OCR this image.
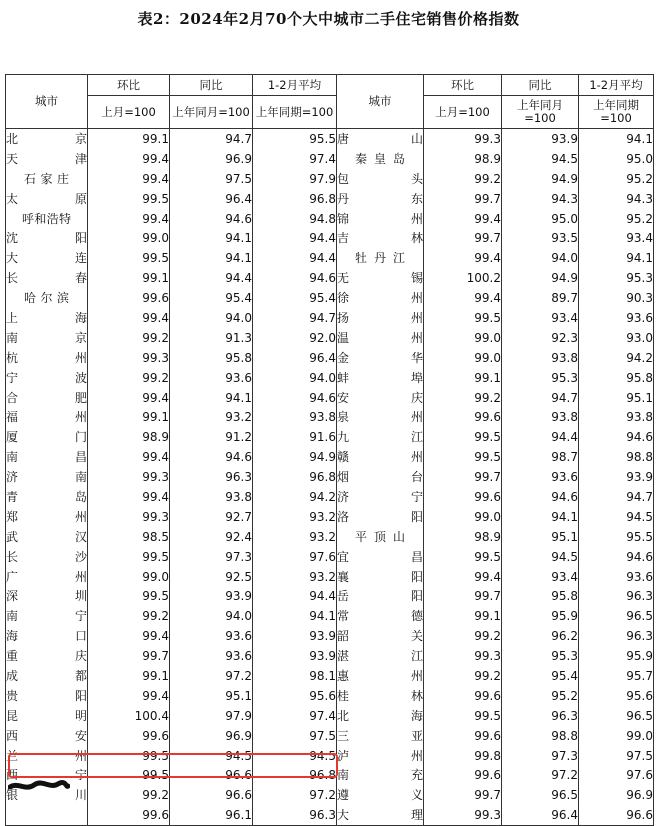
表2：2024年2月70个大中城市二手住宅销售价格指数
城市	环比	同比	1-2月平均	城市	环比	同比	1-2月平均
	上月=100	上年同月=100	上年同期=100		上月=100	上年同月=100	上年同期=100
北　京	99.1	94.7	95.5	唐　山	99.3	93.9	94.1
天　津	99.4	96.9	97.4	秦皇岛	98.9	94.5	95.0
石家庄	99.4	97.5	97.9	包　头	99.2	94.9	95.2
太　原	99.5	96.4	96.8	丹　东	99.7	94.3	94.3
呼和浩特	99.4	94.6	94.8	锦　州	99.4	95.0	95.2
沈　阳	99.0	94.1	94.4	吉　林	99.7	93.5	93.4
大　连	99.5	94.1	94.4	牡丹江	99.4	94.0	94.1
长　春	99.1	94.4	94.6	无　锡	100.2	94.9	95.3
哈尔滨	99.6	95.4	95.4	徐　州	99.4	89.7	90.3
上　海	99.4	94.0	94.7	扬　州	99.5	93.4	93.6
南　京	99.2	91.3	92.0	温　州	99.0	92.3	93.0
杭　州	99.3	95.8	96.4	金　华	99.0	93.8	94.2
宁　波	99.2	93.6	94.0	蚌　埠	99.1	95.3	95.8
合　肥	99.4	94.1	94.6	安　庆	99.2	94.7	95.1
福　州	99.1	93.2	93.8	泉　州	99.6	93.8	93.8
厦　门	98.9	91.2	91.6	九　江	99.5	94.4	94.6
南　昌	99.4	94.6	94.9	赣　州	99.5	98.7	98.8
济　南	99.3	96.3	96.8	烟　台	99.7	93.6	93.9
青　岛	99.4	93.8	94.2	济　宁	99.6	94.6	94.7
郑　州	99.3	92.7	93.2	洛　阳	99.0	94.1	94.5
武　汉	98.5	92.4	93.2	平顶山	98.9	95.1	95.5
长　沙	99.5	97.3	97.6	宜　昌	99.5	94.5	94.6
广　州	99.0	92.5	93.2	襄　阳	99.4	93.4	93.6
深　圳	99.5	93.9	94.4	岳　阳	99.7	95.8	96.3
南　宁	99.2	94.0	94.1	常　德	99.1	95.9	96.5
海　口	99.4	93.6	93.9	韶　关	99.2	96.2	96.3
重　庆	99.7	93.6	93.9	湛　江	99.3	95.3	95.9
成　都	99.1	97.2	98.1	惠　州	99.2	95.4	95.7
贵　阳	99.4	95.1	95.6	桂　林	99.6	95.2	95.6
昆　明	100.4	97.9	97.4	北　海	99.5	96.3	96.5
西　安	99.6	96.9	97.5	三　亚	99.6	98.8	99.0
兰　州	99.5	94.5	94.5	泸　州	99.8	97.3	97.5
西　宁	99.5	96.6	96.8	南　充	99.6	97.2	97.6
银　川	99.2	96.6	97.2	遵　义	99.7	96.5	96.9
	99.6	96.1	96.3	大　理	99.3	96.4	96.6
